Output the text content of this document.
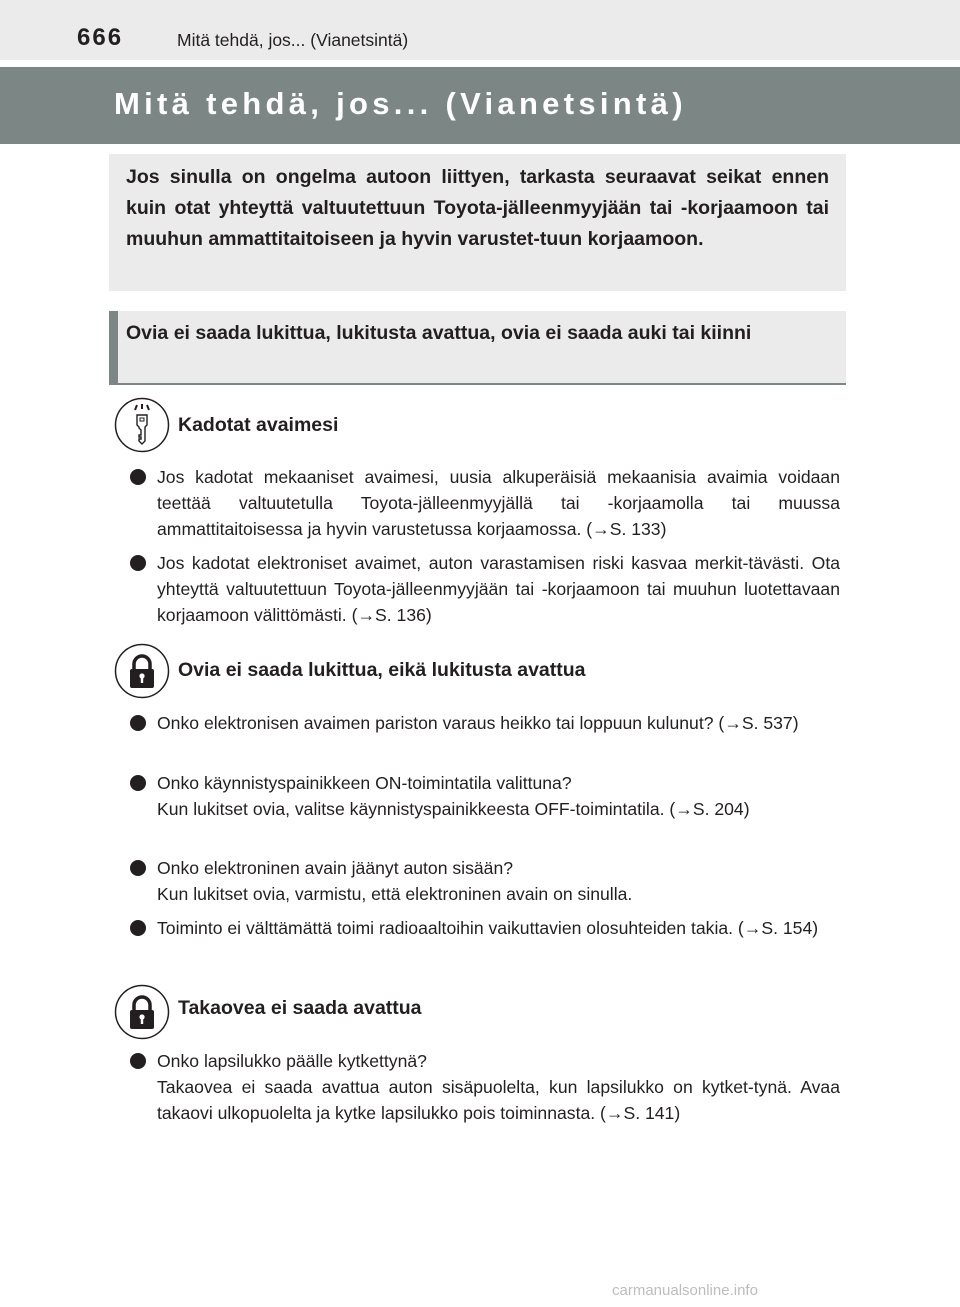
666	Mitä tehdä, jos... (Vianetsintä)
Mitä tehdä, jos... (Vianetsintä)
Jos sinulla on ongelma autoon liittyen, tarkasta seuraavat seikat ennen kuin otat yhteyttä valtuutettuun Toyota-jälleenmyyjään tai -korjaamoon tai muuhun ammattitaitoiseen ja hyvin varustet-tuun korjaamoon.
Ovia ei saada lukittua, lukitusta avattua, ovia ei saada auki tai kiinni
Kadotat avaimesi
Jos kadotat mekaaniset avaimesi, uusia alkuperäisiä mekaanisia avaimia voidaan teettää valtuutetulla Toyota-jälleenmyyjällä tai -korjaamolla tai muussa ammattitaitoisessa ja hyvin varustetussa korjaamossa. (→S. 133)
Jos kadotat elektroniset avaimet, auton varastamisen riski kasvaa merkit-tävästi. Ota yhteyttä valtuutettuun Toyota-jälleenmyyjään tai -korjaamoon tai muuhun luotettavaan korjaamoon välittömästi. (→S. 136)
Ovia ei saada lukittua, eikä lukitusta avattua
Onko elektronisen avaimen pariston varaus heikko tai loppuun kulunut? (→S. 537)
Onko käynnistyspainikkeen ON-toimintatila valittuna?
Kun lukitset ovia, valitse käynnistyspainikkeesta OFF-toimintatila. (→S. 204)
Onko elektroninen avain jäänyt auton sisään?
Kun lukitset ovia, varmistu, että elektroninen avain on sinulla.
Toiminto ei välttämättä toimi radioaaltoihin vaikuttavien olosuhteiden takia. (→S. 154)
Takaovea ei saada avattua
Onko lapsilukko päälle kytkettynä?
Takaovea ei saada avattua auton sisäpuolelta, kun lapsilukko on kytket-tynä. Avaa takaovi ulkopuolelta ja kytke lapsilukko pois toiminnasta. (→S. 141)
carmanualsonline.info
